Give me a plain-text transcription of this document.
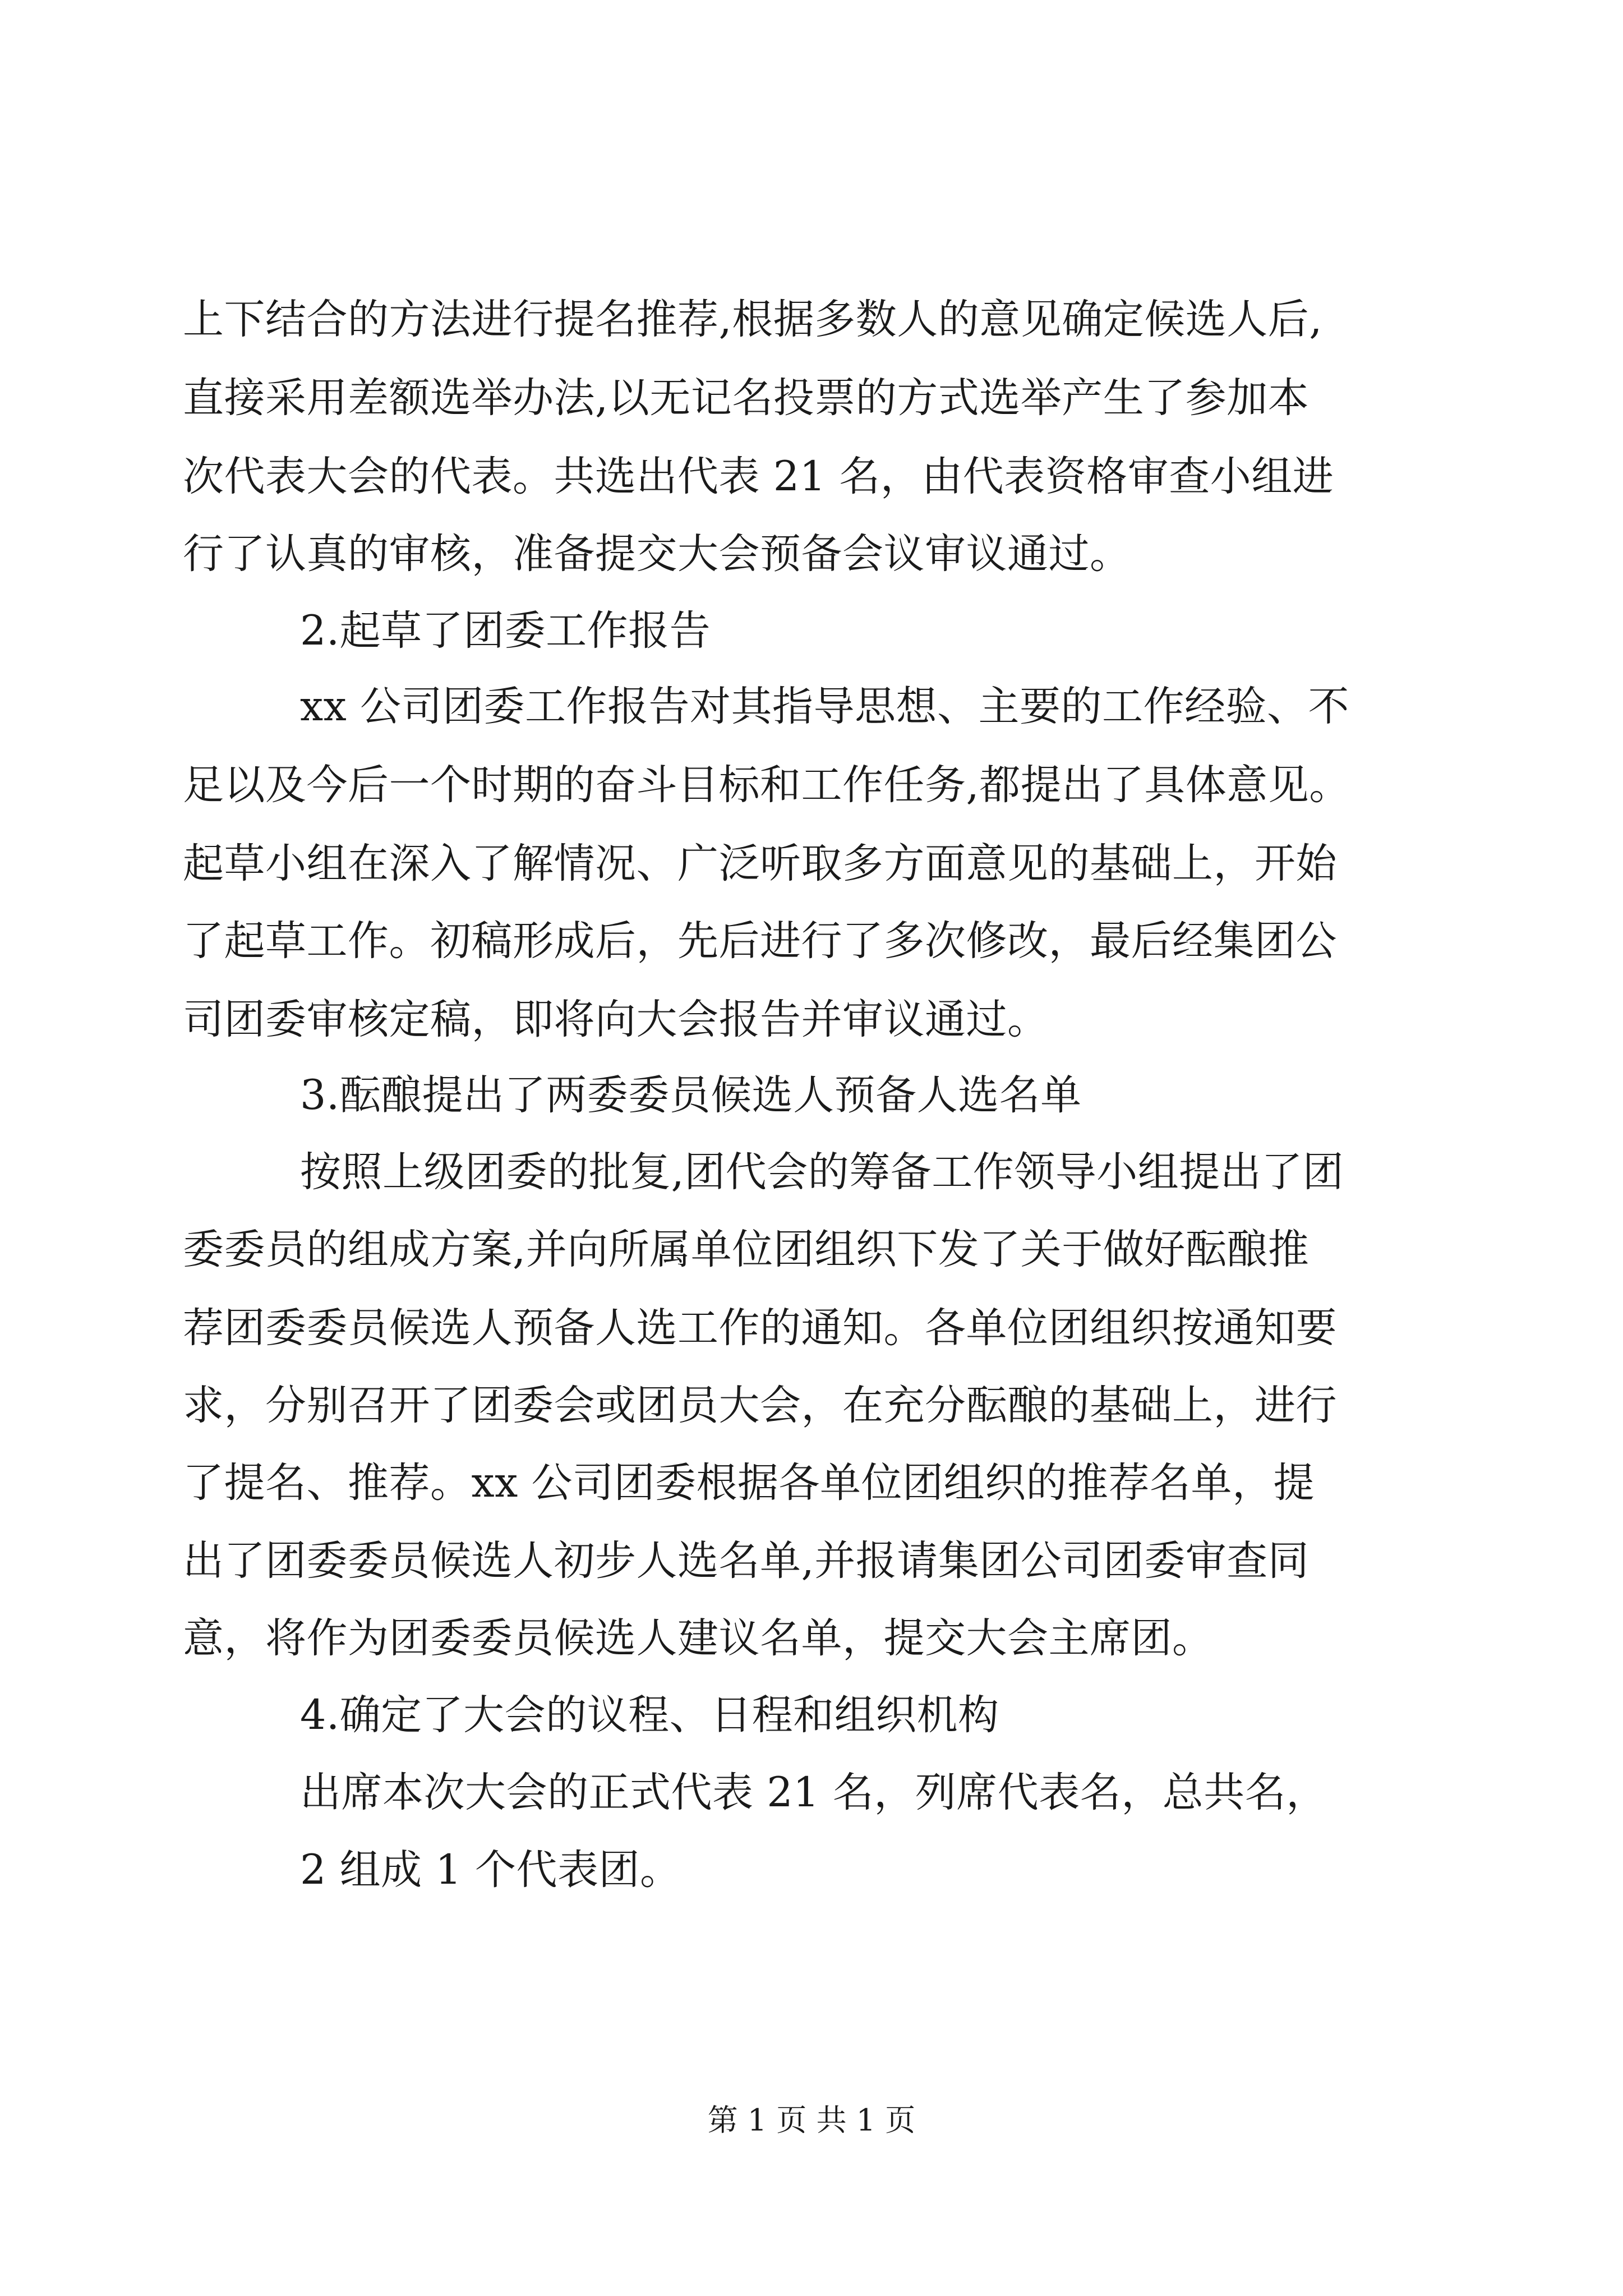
上下结合的方法进行提名推荐,根据多数人的意见确定候选人后,
直接采用差额选举办法,以无记名投票的方式选举产生了参加本
次代表大会的代表。共选出代表 21 名，由代表资格审查小组进
行了认真的审核，准备提交大会预备会议审议通过。
2.起草了团委工作报告
xx 公司团委工作报告对其指导思想、主要的工作经验、不
足以及今后一个时期的奋斗目标和工作任务,都提出了具体意见。
起草小组在深入了解情况、广泛听取多方面意见的基础上，开始
了起草工作。初稿形成后，先后进行了多次修改，最后经集团公
司团委审核定稿，即将向大会报告并审议通过。
3.酝酿提出了两委委员候选人预备人选名单
按照上级团委的批复,团代会的筹备工作领导小组提出了团
委委员的组成方案,并向所属单位团组织下发了关于做好酝酿推
荐团委委员候选人预备人选工作的通知。各单位团组织按通知要
求，分别召开了团委会或团员大会，在充分酝酿的基础上，进行
了提名、推荐。xx 公司团委根据各单位团组织的推荐名单，提
出了团委委员候选人初步人选名单,并报请集团公司团委审查同
意，将作为团委委员候选人建议名单，提交大会主席团。
4.确定了大会的议程、日程和组织机构
出席本次大会的正式代表 21 名，列席代表名，总共名，
2 组成 1 个代表团。
第 1 页 共 1 页
